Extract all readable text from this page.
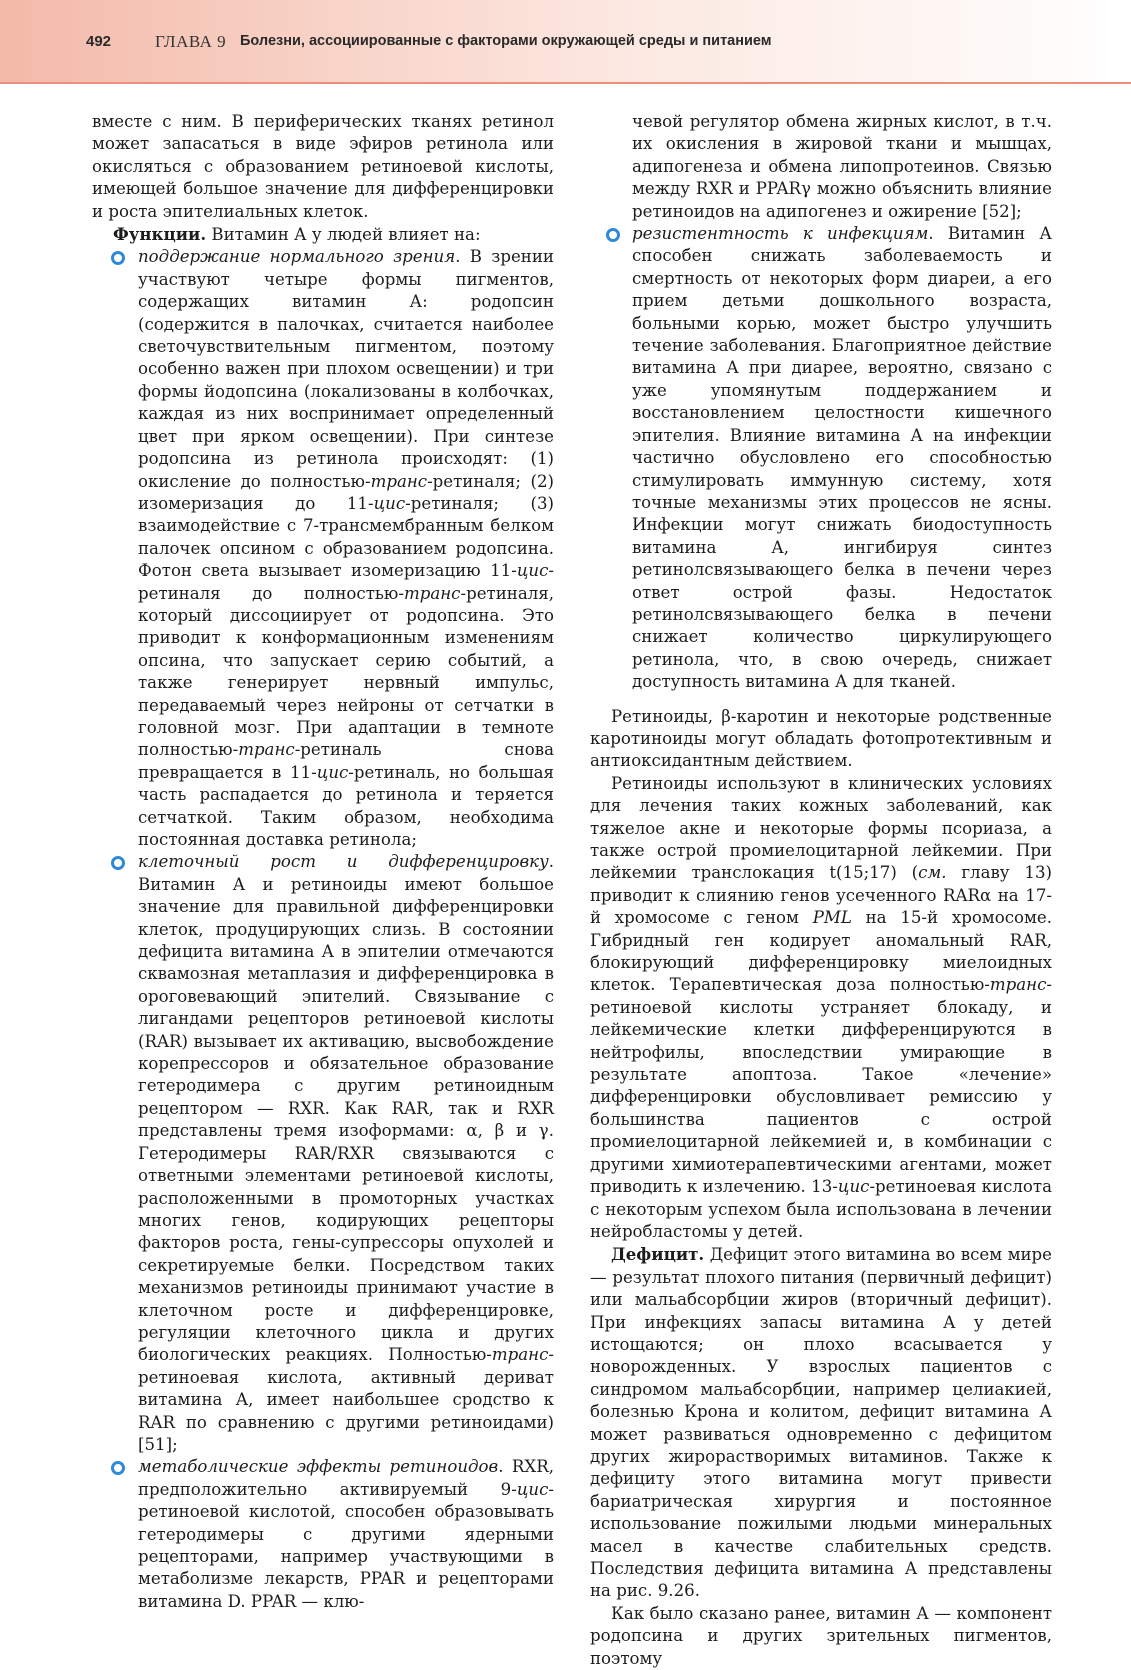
492	ГЛАВА 9 Болезни, ассоциированные с факторами окружающей среды и питанием

вместе с ним. В периферических тканях ретинол может запасаться в виде эфиров ретинола или окисляться с образованием ретиноевой кислоты, имеющей большое значение для дифференцировки и роста эпителиальных клеток.

Функции. Витамин А у людей влияет на:

поддержание нормального зрения. В зрении участвуют четыре формы пигментов, содержащих витамин А: родопсин (содержится в палочках, считается наиболее светочувствительным пигментом, поэтому особенно важен при плохом освещении) и три формы йодопсина (локализованы в колбочках, каждая из них воспринимает определенный цвет при ярком освещении). При синтезе родопсина из ретинола происходят: (1) окисление до полностью-транс-ретиналя; (2) изомеризация до 11-цис-ретиналя; (3) взаимодействие с 7-трансмембранным белком палочек опсином с образованием родопсина. Фотон света вызывает изомеризацию 11-цис-ретиналя до полностью-транс-ретиналя, который диссоциирует от родопсина. Это приводит к конформационным изменениям опсина, что запускает серию событий, а также генерирует нервный импульс, передаваемый через нейроны от сетчатки в головной мозг. При адаптации в темноте полностью-транс-ретиналь снова превращается в 11-цис-ретиналь, но большая часть распадается до ретинола и теряется сетчаткой. Таким образом, необходима постоянная доставка ретинола;

клеточный рост и дифференцировку. Витамин А и ретиноиды имеют большое значение для правильной дифференцировки клеток, продуцирующих слизь. В состоянии дефицита витамина А в эпителии отмечаются сквамозная метаплазия и дифференцировка в ороговевающий эпителий. Связывание с лигандами рецепторов ретиноевой кислоты (RAR) вызывает их активацию, высвобождение корепрессоров и обязательное образование гетеродимера с другим ретиноидным рецептором — RXR. Как RAR, так и RXR представлены тремя изоформами: α, β и γ. Гетеродимеры RAR/RXR связываются с ответными элементами ретиноевой кислоты, расположенными в промоторных участках многих генов, кодирующих рецепторы факторов роста, гены-супрессоры опухолей и секретируемые белки. Посредством таких механизмов ретиноиды принимают участие в клеточном росте и дифференцировке, регуляции клеточного цикла и других биологических реакциях. Полностью-транс-ретиноевая кислота, активный дериват витамина А, имеет наибольшее сродство к RAR по сравнению с другими ретиноидами) [51];

метаболические эффекты ретиноидов. RXR, предположительно активируемый 9-цис-ретиноевой кислотой, способен образовывать гетеродимеры с другими ядерными рецепторами, например участвующими в метаболизме лекарств, PPAR и рецепторами витамина D. PPAR — клю-

чевой регулятор обмена жирных кислот, в т.ч. их окисления в жировой ткани и мышцах, адипогенеза и обмена липопротеинов. Связью между RXR и PPARγ можно объяснить влияние ретиноидов на адипогенез и ожирение [52];

резистентность к инфекциям. Витамин А способен снижать заболеваемость и смертность от некоторых форм диареи, а его прием детьми дошкольного возраста, больными корью, может быстро улучшить течение заболевания. Благоприятное действие витамина А при диарее, вероятно, связано с уже упомянутым поддержанием и восстановлением целостности кишечного эпителия. Влияние витамина А на инфекции частично обусловлено его способностью стимулировать иммунную систему, хотя точные механизмы этих процессов не ясны. Инфекции могут снижать биодоступность витамина А, ингибируя синтез ретинолсвязывающего белка в печени через ответ острой фазы. Недостаток ретинолсвязывающего белка в печени снижает количество циркулирующего ретинола, что, в свою очередь, снижает доступность витамина А для тканей.

Ретиноиды, β-каротин и некоторые родственные каротиноиды могут обладать фотопротективным и антиоксидантным действием.

Ретиноиды используют в клинических условиях для лечения таких кожных заболеваний, как тяжелое акне и некоторые формы псориаза, а также острой промиелоцитарной лейкемии. При лейкемии транслокация t(15;17) (см. главу 13) приводит к слиянию генов усеченного RARα на 17-й хромосоме с геном PML на 15-й хромосоме. Гибридный ген кодирует аномальный RAR, блокирующий дифференцировку миелоидных клеток. Терапевтическая доза полностью-транс-ретиноевой кислоты устраняет блокаду, и лейкемические клетки дифференцируются в нейтрофилы, впоследствии умирающие в результате апоптоза. Такое «лечение» дифференцировки обусловливает ремиссию у большинства пациентов с острой промиелоцитарной лейкемией и, в комбинации с другими химиотерапевтическими агентами, может приводить к излечению. 13-цис-ретиноевая кислота с некоторым успехом была использована в лечении нейробластомы у детей.

Дефицит. Дефицит этого витамина во всем мире — результат плохого питания (первичный дефицит) или мальабсорбции жиров (вторичный дефицит). При инфекциях запасы витамина А у детей истощаются; он плохо всасывается у новорожденных. У взрослых пациентов с синдромом мальабсорбции, например целиакией, болезнью Крона и колитом, дефицит витамина А может развиваться одновременно с дефицитом других жирорастворимых витаминов. Также к дефициту этого витамина могут привести бариатрическая хирургия и постоянное использование пожилыми людьми минеральных масел в качестве слабительных средств. Последствия дефицита витамина А представлены на рис. 9.26.

Как было сказано ранее, витамин А — компонент родопсина и других зрительных пигментов, поэтому
